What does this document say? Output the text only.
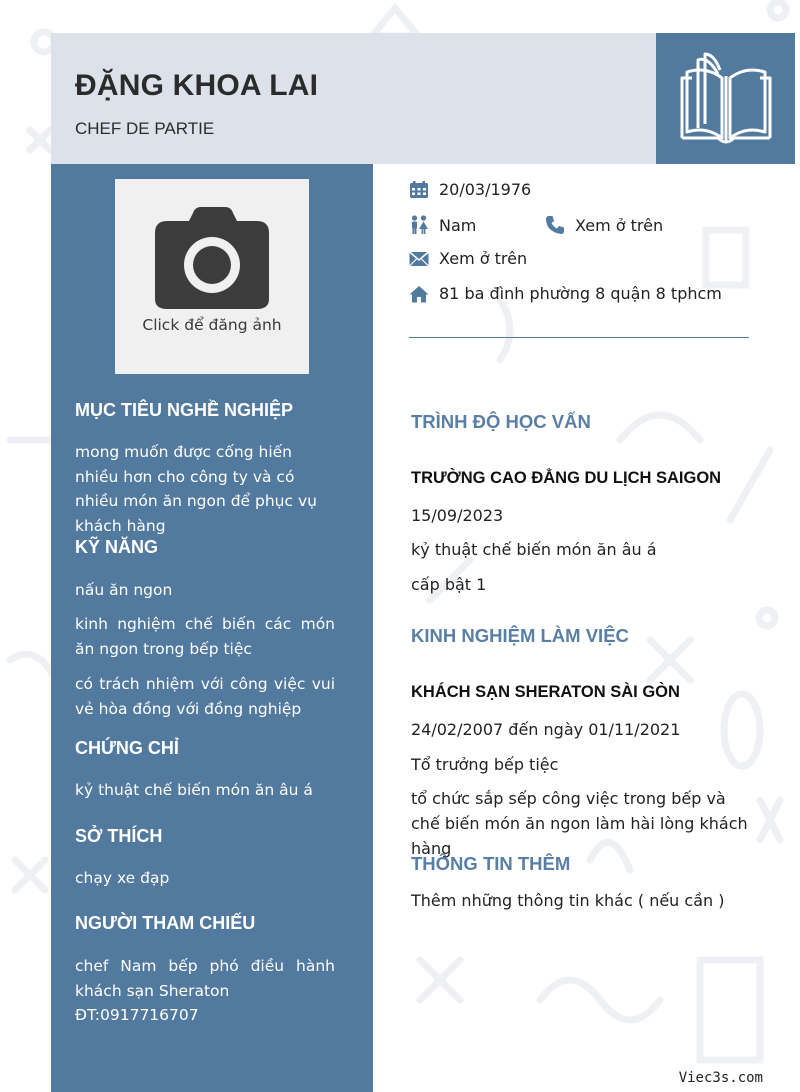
ĐẶNG KHOA LAI
CHEF DE PARTIE
Click để đăng ảnh
MỤC TIÊU NGHỀ NGHIỆP
mong muốn được cống hiến nhiều hơn cho công ty và có nhiều món ăn ngon để phục vụ khách hàng
KỸ NĂNG
nấu ăn ngon
kinh nghiệm chế biến các món ăn ngon trong bếp tiệc
có trách nhiệm với công việc vui vẻ hòa đồng với đồng nghiệp
CHỨNG CHỈ
kỷ thuật chế biến món ăn âu á
SỞ THÍCH
chạy xe đạp
NGƯỜI THAM CHIẾU
chef Nam bếp phó điều hành khách sạn Sheraton
ĐT:0917716707
20/03/1976
Nam	Xem ở trên
Xem ở trên
81 ba đình phường 8 quận 8 tphcm
TRÌNH ĐỘ HỌC VẤN
TRƯỜNG CAO ĐẲNG DU LỊCH SAIGON
15/09/2023
kỷ thuật chế biến món ăn âu á
cấp bật 1
KINH NGHIỆM LÀM VIỆC
KHÁCH SẠN SHERATON SÀI GÒN
24/02/2007 đến ngày 01/11/2021
Tổ trưởng bếp tiệc
tổ chức sắp sếp công việc trong bếp và chế biến món ăn ngon làm hài lòng khách hàng
THÔNG TIN THÊM
Thêm những thông tin khác ( nếu cần )
Viec3s.com
